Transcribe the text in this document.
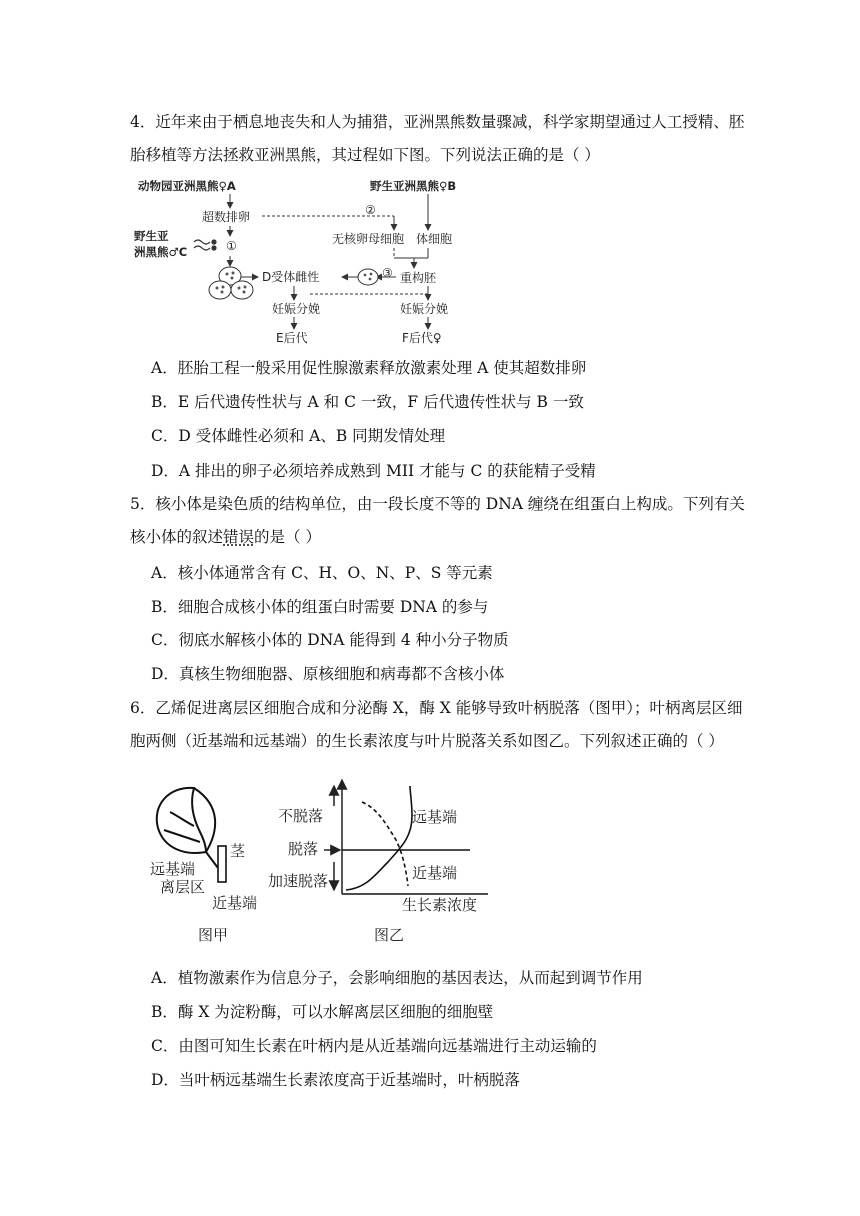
4．近年来由于栖息地丧失和人为捕猎，亚洲黑熊数量骤减，科学家期望通过人工授精、胚
胎移植等方法拯救亚洲黑熊，其过程如下图。下列说法正确的是（ ）
动物园亚洲黑熊♀A	野生亚洲黑熊♀B
野生亚
洲黑熊♂C
超数排卵
无核卵母细胞 体细胞
D受体雌性	重构胚
妊娠分娩	妊娠分娩
E后代	F后代♀
②
①
③
A．胚胎工程一般采用促性腺激素释放激素处理 A 使其超数排卵
B．E 后代遗传性状与 A 和 C 一致，F 后代遗传性状与 B 一致
C．D 受体雌性必须和 A、B 同期发情处理
D．A 排出的卵子必须培养成熟到 MII 才能与 C 的获能精子受精
5．核小体是染色质的结构单位，由一段长度不等的 DNA 缠绕在组蛋白上构成。下列有关
核小体的叙述错误的是（ ）
A．核小体通常含有 C、H、O、N、P、S 等元素
B．细胞合成核小体的组蛋白时需要 DNA 的参与
C．彻底水解核小体的 DNA 能得到 4 种小分子物质
D．真核生物细胞器、原核细胞和病毒都不含核小体
6．乙烯促进离层区细胞合成和分泌酶 X，酶 X 能够导致叶柄脱落（图甲）；叶柄离层区细
胞两侧（近基端和远基端）的生长素浓度与叶片脱落关系如图乙。下列叙述正确的（ ）
茎
远基端
离层区
近基端
图甲
不脱落
脱落
加速脱落
远基端
近基端
生长素浓度
图乙
A．植物激素作为信息分子，会影响细胞的基因表达，从而起到调节作用
B．酶 X 为淀粉酶，可以水解离层区细胞的细胞壁
C．由图可知生长素在叶柄内是从近基端向远基端进行主动运输的
D．当叶柄远基端生长素浓度高于近基端时，叶柄脱落
